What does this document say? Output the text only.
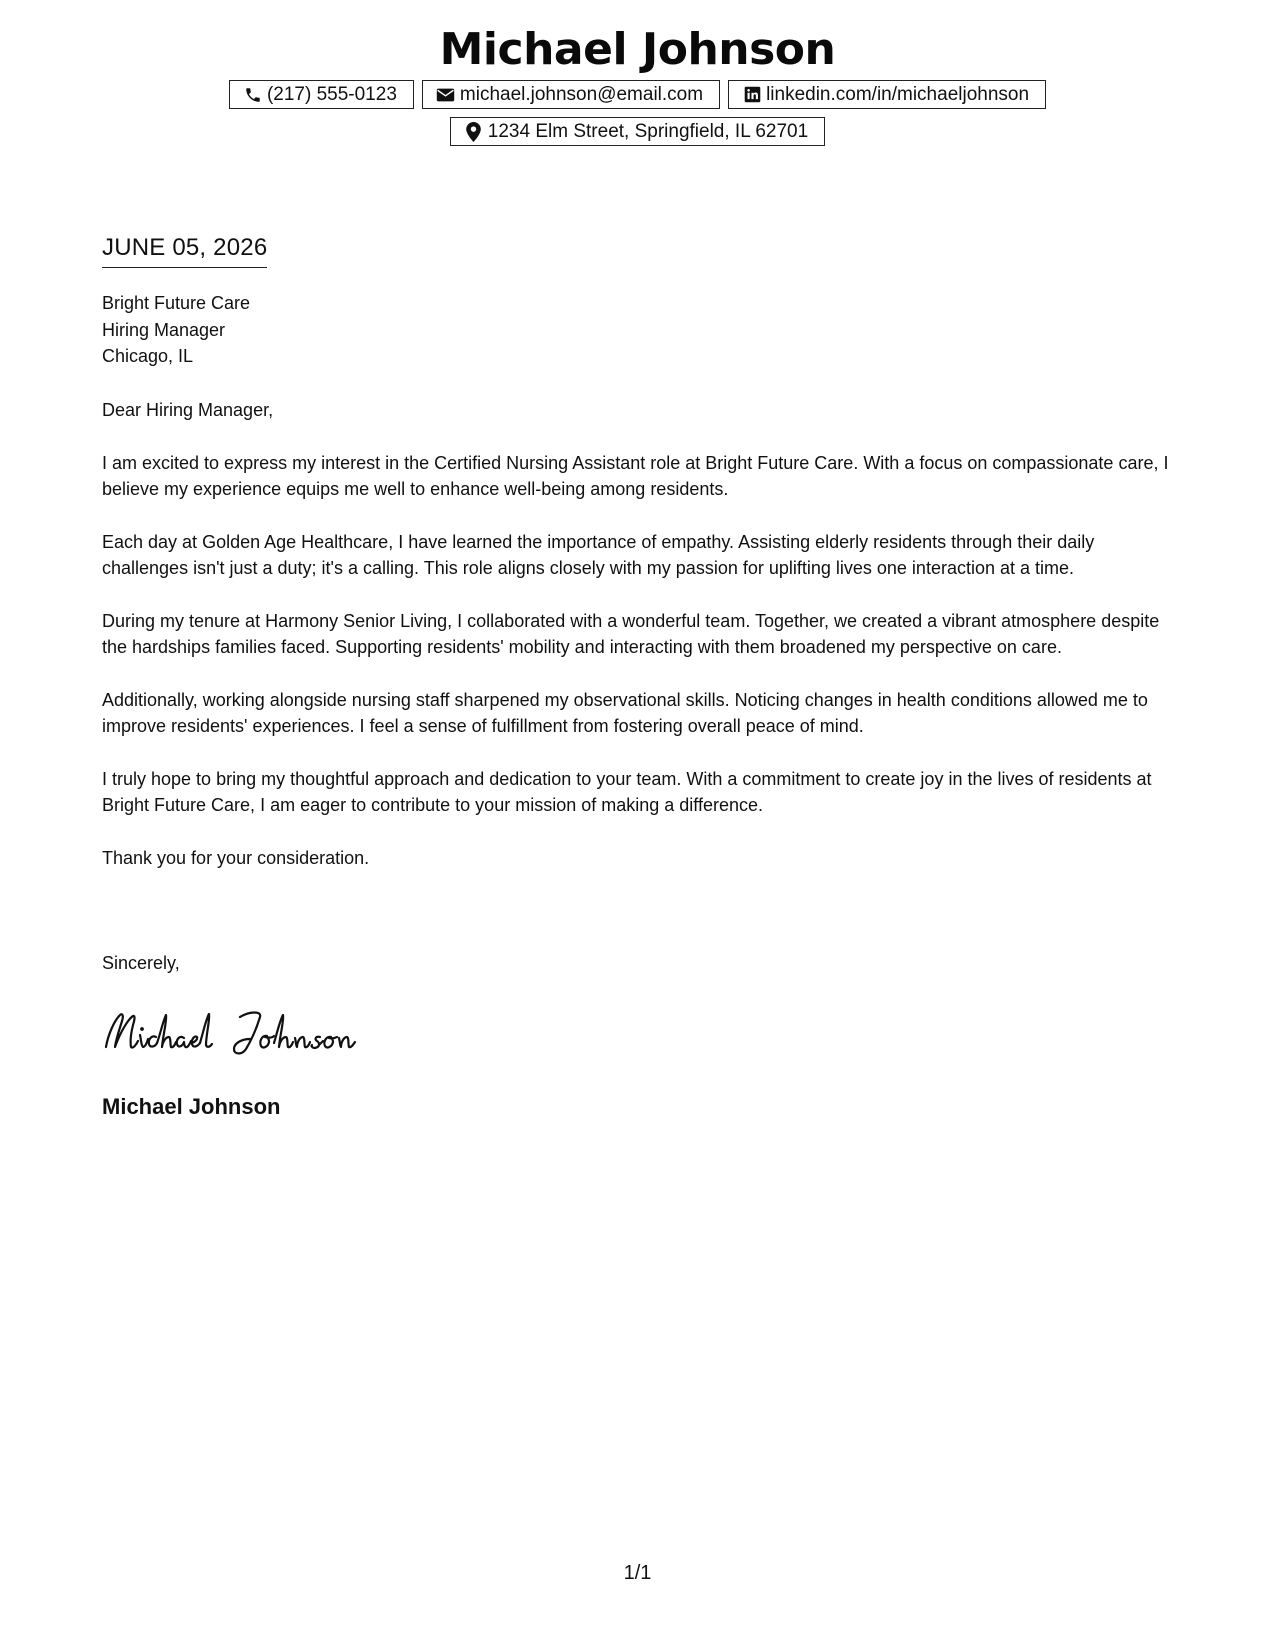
Michael Johnson
(217) 555-0123	michael.johnson@email.com	linkedin.com/in/michaeljohnson
1234 Elm Street, Springfield, IL 62701
JUNE 05, 2026
Bright Future Care
Hiring Manager
Chicago, IL

Dear Hiring Manager,

I am excited to express my interest in the Certified Nursing Assistant role at Bright Future Care. With a focus on compassionate care, I believe my experience equips me well to enhance well-being among residents.

Each day at Golden Age Healthcare, I have learned the importance of empathy. Assisting elderly residents through their daily challenges isn't just a duty; it's a calling. This role aligns closely with my passion for uplifting lives one interaction at a time.

During my tenure at Harmony Senior Living, I collaborated with a wonderful team. Together, we created a vibrant atmosphere despite the hardships families faced. Supporting residents' mobility and interacting with them broadened my perspective on care.

Additionally, working alongside nursing staff sharpened my observational skills. Noticing changes in health conditions allowed me to improve residents' experiences. I feel a sense of fulfillment from fostering overall peace of mind.

I truly hope to bring my thoughtful approach and dedication to your team. With a commitment to create joy in the lives of residents at Bright Future Care, I am eager to contribute to your mission of making a difference.

Thank you for your consideration.

Sincerely,
Michael Johnson
1/1
